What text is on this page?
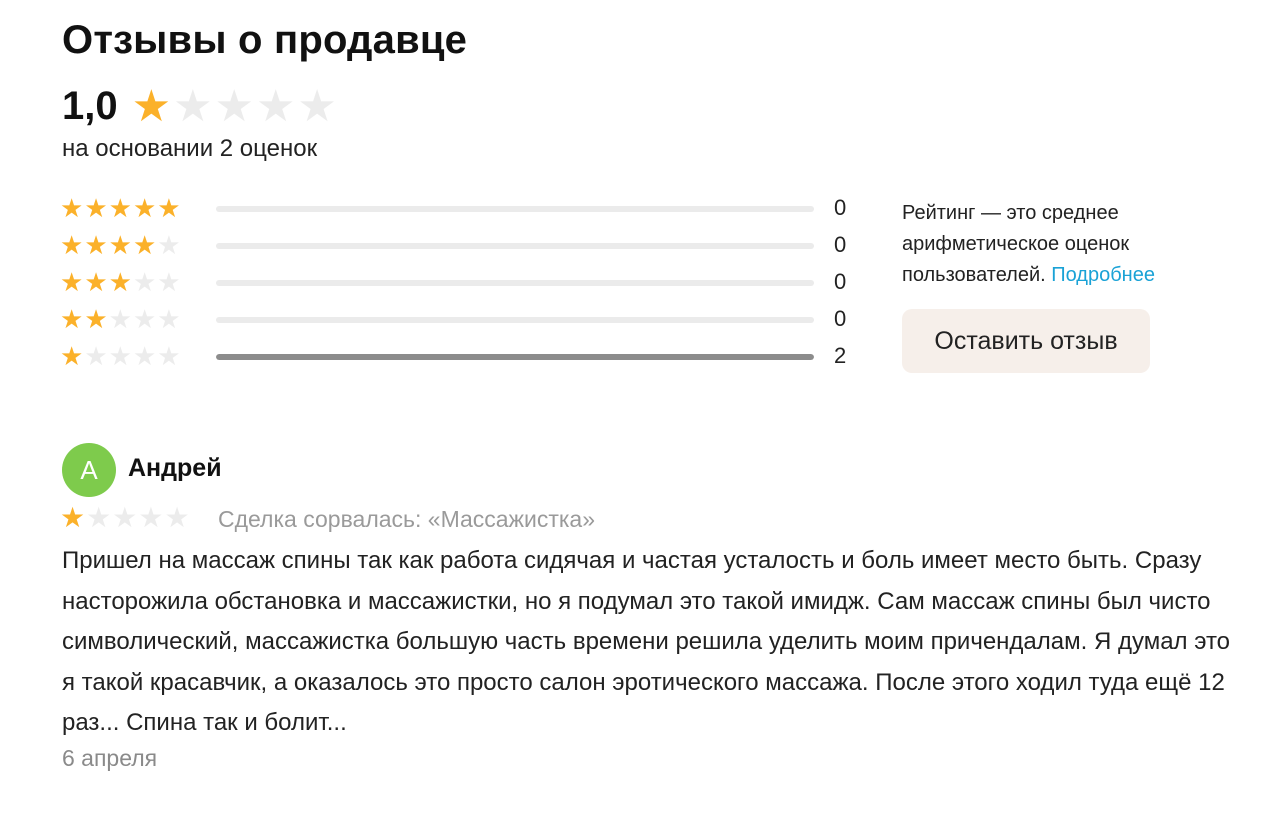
Отзывы о продавце
1,0 ★ ★ ★ ★ ★
на основании 2 оценок
★ ★ ★ ★ ★	0
★ ★ ★ ★ ★	0
★ ★ ★ ★ ★	0
★ ★ ★ ★ ★	0
★ ★ ★ ★ ★	2
Рейтинг — это среднее арифметическое оценок пользователей. Подробнее
Оставить отзыв
А	Андрей
★ ★ ★ ★ ★ Сделка сорвалась: «Массажистка»

Пришел на массаж спины так как работа сидячая и частая усталость и боль имеет место быть. Сразу насторожила обстановка и массажистки, но я подумал это такой имидж. Сам массаж спины был чисто символический, массажистка большую часть времени решила уделить моим причендалам. Я думал это я такой красавчик, а оказалось это просто салон эротического массажа. После этого ходил туда ещё 12 раз... Спина так и болит...

6 апреля
